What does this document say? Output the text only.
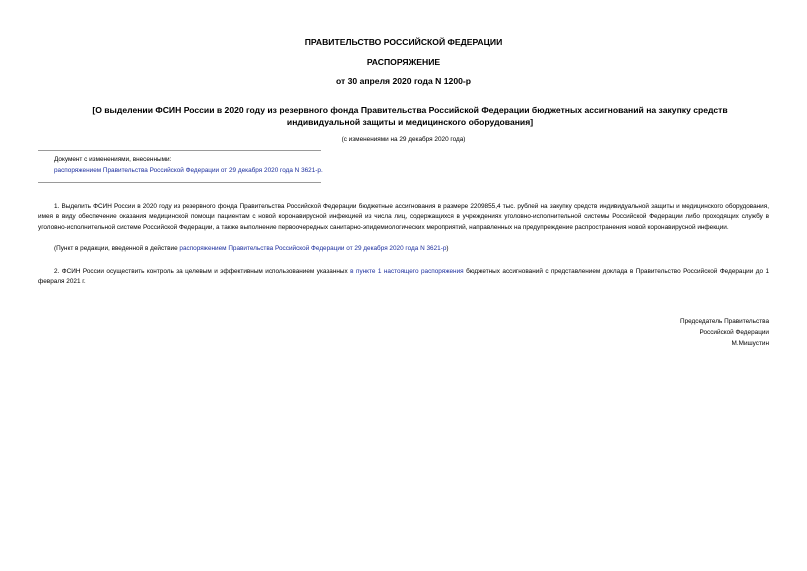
ПРАВИТЕЛЬСТВО РОССИЙСКОЙ ФЕДЕРАЦИИ
РАСПОРЯЖЕНИЕ
от 30 апреля 2020 года N 1200-р
[О выделении ФСИН России в 2020 году из резервного фонда Правительства Российской Федерации бюджетных ассигнований на закупку средств индивидуальной защиты и медицинского оборудования]
(с изменениями на 29 декабря 2020 года)
Документ с изменениями, внесенными:
распоряжением Правительства Российской Федерации от 29 декабря 2020 года N 3621-р.
1. Выделить ФСИН России в 2020 году из резервного фонда Правительства Российской Федерации бюджетные ассигнования в размере 2209855,4 тыс. рублей на закупку средств индивидуальной защиты и медицинского оборудования, имея в виду обеспечение оказания медицинской помощи пациентам с новой коронавирусной инфекцией из числа лиц, содержащихся в учреждениях уголовно-исполнительной системы Российской Федерации либо проходящих службу в уголовно-исполнительной системе Российской Федерации, а также выполнение первоочередных санитарно-эпидемиологических мероприятий, направленных на предупреждение распространения новой коронавирусной инфекции.
(Пункт в редакции, введенной в действие распоряжением Правительства Российской Федерации от 29 декабря 2020 года N 3621-р)
2. ФСИН России осуществить контроль за целевым и эффективным использованием указанных в пункте 1 настоящего распоряжения бюджетных ассигнований с представлением доклада в Правительство Российской Федерации до 1 февраля 2021 г.
Председатель Правительства
Российской Федерации
М.Мишустин
